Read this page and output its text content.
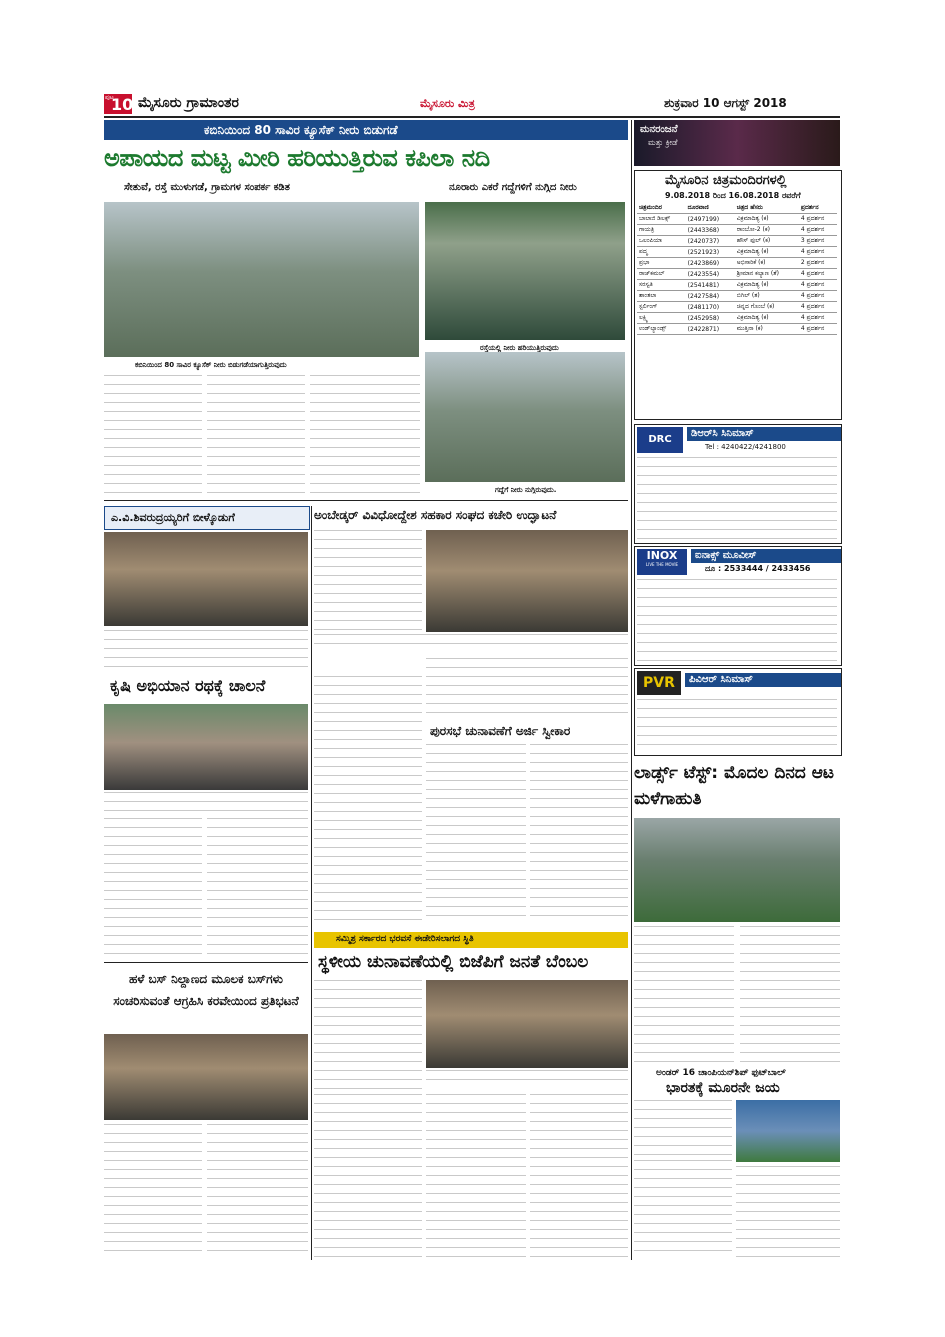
ಪುಟ
10 ಮೈಸೂರು ಗ್ರಾಮಾಂತರ	ಮೈಸೂರು ಮಿತ್ರ	ಶುಕ್ರವಾರ 10 ಆಗಸ್ಟ್ 2018
ಕಬಿನಿಯಿಂದ 80 ಸಾವಿರ ಕ್ಯೂಸೆಕ್ ನೀರು ಬಿಡುಗಡೆ
ಅಪಾಯದ ಮಟ್ಟ ಮೀರಿ ಹರಿಯುತ್ತಿರುವ ಕಪಿಲಾ ನದಿ
ಸೇತುವೆ, ರಸ್ತೆ ಮುಳುಗಡೆ, ಗ್ರಾಮಗಳ ಸಂಪರ್ಕ ಕಡಿತ	ನೂರಾರು ಎಕರೆ ಗದ್ದೆಗಳಿಗೆ ನುಗ್ಗಿದ ನೀರು
ಕಬಿನಿಯಿಂದ 80 ಸಾವಿರ ಕ್ಯೂಸೆಕ್ ನೀರು ಬಿಡುಗಡೆಯಾಗುತ್ತಿರುವುದು
ರಸ್ತೆಯಲ್ಲಿ ನೀರು ಹರಿಯುತ್ತಿರುವುದು
ಗದ್ದೆಗೆ ನೀರು ನುಗ್ಗಿರುವುದು.
ಮನರಂಜನೆ
ಮತ್ತು ಕ್ರೀಡೆ
ಮೈಸೂರಿನ ಚಿತ್ರಮಂದಿರಗಳಲ್ಲಿ
9.08.2018 ರಿಂದ 16.08.2018 ರವರೆಗೆ
ಚಿತ್ರಮಂದಿರ	ದೂರವಾಣಿ	ಚಿತ್ರದ ಹೆಸರು	ಪ್ರದರ್ಶನ
ಬಾಲಾಜಿ ಡಿಲಕ್ಸ್	(2497199)	ವಿಕ್ರಮಾದಿತ್ಯ (ಕ)	4 ಪ್ರದರ್ಶನ
ಗಾಯತ್ರಿ	(2443368)	ರಾಂಬೋ-2 (ಕ)	4 ಪ್ರದರ್ಶನ
ಒಲಂಪಿಯಾ	(2420737)	ಹೌಸ್ ಫುಲ್ (ಕ)	3 ಪ್ರದರ್ಶನ
ಪದ್ಮ	(2521923)	ವಿಕ್ರಮಾದಿತ್ಯ (ಕ)	4 ಪ್ರದರ್ಶನ
ಪ್ರಭಾ	(2423869)	ಅಭಿಸಾರಿಕೆ (ಕ)	2 ಪ್ರದರ್ಶನ
ರಾಜ್‌ಕಮಲ್	(2423554)	ಶ್ರೀಮಾನ ಕಲ್ಯಾಣ (ತೆ)	4 ಪ್ರದರ್ಶನ
ಸರಸ್ವತಿ	(2541481)	ವಿಕ್ರಮಾದಿತ್ಯ (ಕ)	4 ಪ್ರದರ್ಶನ
ಶಾಂತಲಾ	(2427584)	ಬಿಗಿಲ್ (ತ)	4 ಪ್ರದರ್ಶನ
ಸ್ಟರ್ಲಿಂಗ್	(2481170)	ಚಿನ್ನದ ಗೊಂಬೆ (ಕ)	4 ಪ್ರದರ್ಶನ
ಲಕ್ಷ್ಮಿ	(2452958)	ವಿಕ್ರಮಾದಿತ್ಯ (ಕ)	4 ಪ್ರದರ್ಶನ
ಉಡ್‌ಲ್ಯಾಂಡ್ಸ್	(2422871)	ಮುತ್ತಿನಾ (ಕ)	4 ಪ್ರದರ್ಶನ
DRC
ಡಿಆರ್‌ಸಿ ಸಿನಿಮಾಸ್
Tel : 4240422/4241800
INOX
LIVE THE MOVIE
ಐನಾಕ್ಸ್ ಮೂವೀಸ್
ದೂ : 2533444 / 2433456
PVR	ಪಿವಿಆರ್ ಸಿನಿಮಾಸ್
ಎ.ವಿ.ಶಿವರುದ್ರಯ್ಯರಿಗೆ ಬೀಳ್ಕೊಡುಗೆ	ಅಂಬೇಡ್ಕರ್ ವಿವಿಧೋದ್ದೇಶ ಸಹಕಾರ ಸಂಘದ ಕಚೇರಿ ಉದ್ಘಾಟನೆ
ಕೃಷಿ ಅಭಿಯಾನ ರಥಕ್ಕೆ ಚಾಲನೆ
ಪುರಸಭೆ ಚುನಾವಣೆಗೆ ಅರ್ಜಿ ಸ್ವೀಕಾರ
ಲಾರ್ಡ್ಸ್ ಟೆಸ್ಟ್: ಮೊದಲ ದಿನದ ಆಟ ಮಳೆಗಾಹುತಿ
ಸಮ್ಮಿಶ್ರ ಸರ್ಕಾರದ ಭರವಸೆ ಈಡೇರಿಸಲಾಗದ ಸ್ಥಿತಿ
ಸ್ಥಳೀಯ ಚುನಾವಣೆಯಲ್ಲಿ ಬಿಜೆಪಿಗೆ ಜನತೆ ಬೆಂಬಲ
ಹಳೆ ಬಸ್ ನಿಲ್ದಾಣದ ಮೂಲಕ ಬಸ್‌ಗಳು ಸಂಚರಿಸುವಂತೆ ಆಗ್ರಹಿಸಿ ಕರವೇಯಿಂದ ಪ್ರತಿಭಟನೆ
ಅಂಡರ್ 16 ಚಾಂಪಿಯನ್‌ಶಿಪ್ ಫುಟ್‌ಬಾಲ್
ಭಾರತಕ್ಕೆ ಮೂರನೇ ಜಯ
